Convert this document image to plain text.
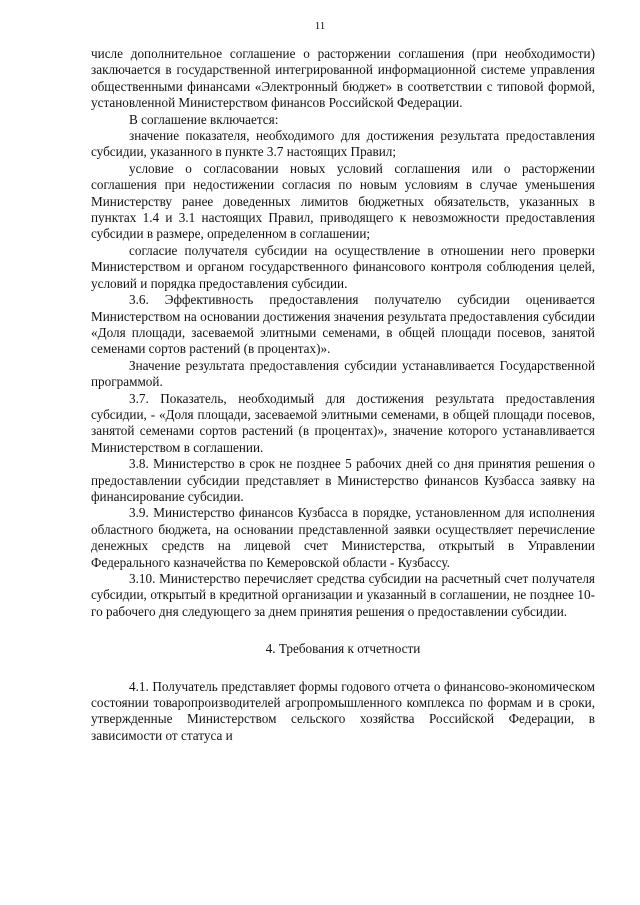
11

числе дополнительное соглашение о расторжении соглашения (при необходимости) заключается в государственной интегрированной информационной системе управления общественными финансами «Электронный бюджет» в соответствии с типовой формой, установленной Министерством финансов Российской Федерации.

В соглашение включается:

значение показателя, необходимого для достижения результата предоставления субсидии, указанного в пункте 3.7 настоящих Правил;

условие о согласовании новых условий соглашения или о расторжении соглашения при недостижении согласия по новым условиям в случае уменьшения Министерству ранее доведенных лимитов бюджетных обязательств, указанных в пунктах 1.4 и 3.1 настоящих Правил, приводящего к невозможности предоставления субсидии в размере, определенном в соглашении;

согласие получателя субсидии на осуществление в отношении него проверки Министерством и органом государственного финансового контроля соблюдения целей, условий и порядка предоставления субсидии.

3.6. Эффективность предоставления получателю субсидии оценивается Министерством на основании достижения значения результата предоставления субсидии «Доля площади, засеваемой элитными семенами, в общей площади посевов, занятой семенами сортов растений (в процентах)».

Значение результата предоставления субсидии устанавливается Государственной программой.

3.7. Показатель, необходимый для достижения результата предоставления субсидии, - «Доля площади, засеваемой элитными семенами, в общей площади посевов, занятой семенами сортов растений (в процентах)», значение которого устанавливается Министерством в соглашении.

3.8. Министерство в срок не позднее 5 рабочих дней со дня принятия решения о предоставлении субсидии представляет в Министерство финансов Кузбасса заявку на финансирование субсидии.

3.9. Министерство финансов Кузбасса в порядке, установленном для исполнения областного бюджета, на основании представленной заявки осуществляет перечисление денежных средств на лицевой счет Министерства, открытый в Управлении Федерального казначейства по Кемеровской области - Кузбассу.

3.10. Министерство перечисляет средства субсидии на расчетный счет получателя субсидии, открытый в кредитной организации и указанный в соглашении, не позднее 10-го рабочего дня следующего за днем принятия решения о предоставлении субсидии.

4. Требования к отчетности

4.1. Получатель представляет формы годового отчета о финансово-экономическом состоянии товаропроизводителей агропромышленного комплекса по формам и в сроки, утвержденные Министерством сельского хозяйства Российской Федерации, в зависимости от статуса и
